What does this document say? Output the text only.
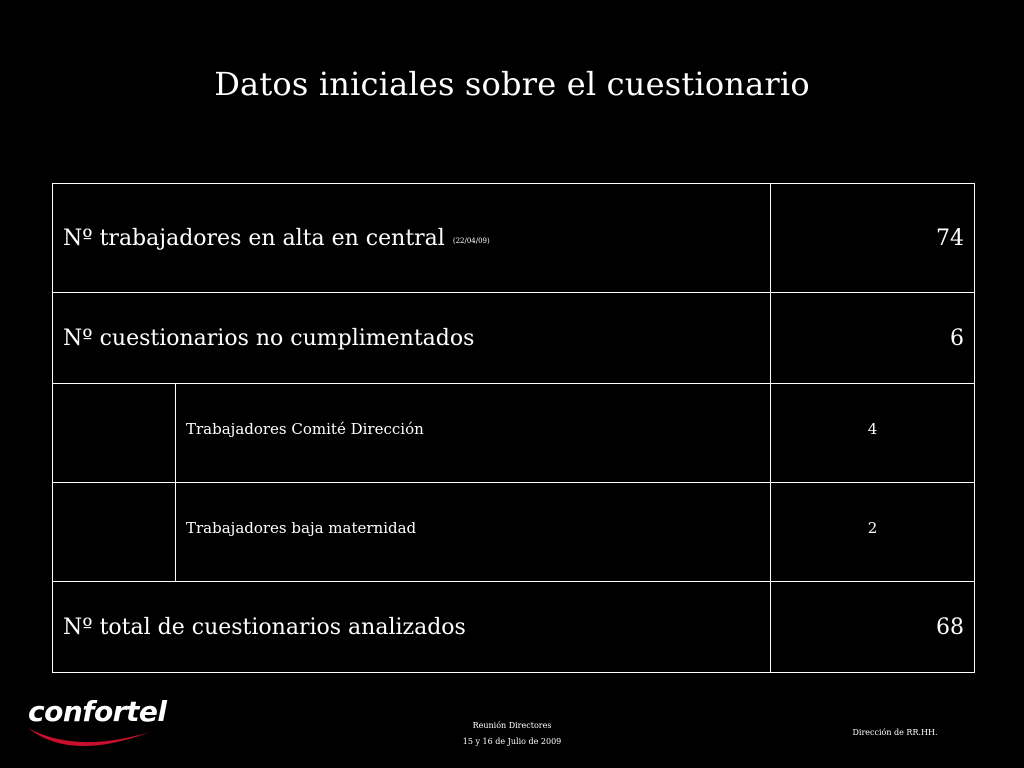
Datos iniciales sobre el cuestionario
Nº trabajadores en alta en central (22/04/09)		74
Nº cuestionarios no cumplimentados		6
	Trabajadores Comité Dirección	4
	Trabajadores baja maternidad	2
Nº total de cuestionarios analizados		68
confortel	Reunión Directores
15 y 16 de Julio de 2009
Dirección de RR.HH.
